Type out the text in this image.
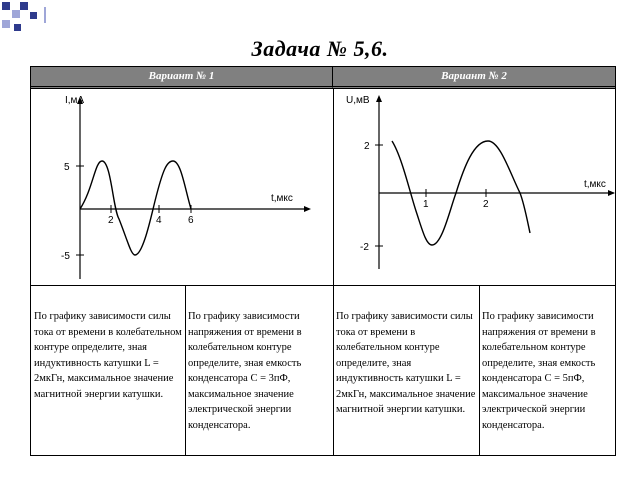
Задача № 5,6.
Вариант № 1	Вариант № 2
I,мА
t,мкс
5
-5
2	4	6
U,мВ
t,мкс
2
-2
1	2
По графику зависимости силы тока от времени в колебательном контуре определите, зная индуктивность катушки L = 2мкГн, максимальное значение магнитной энергии катушки.
По графику зависимости напряжения от времени в колебательном контуре определите, зная емкость конденсатора С = 3пФ, максимальное значение электрической энергии конденсатора.
По графику зависимости силы тока от времени в колебательном контуре определите, зная индуктивность катушки L = 2мкГн, максимальное значение магнитной энергии катушки.
По графику зависимости напряжения от времени в колебательном контуре определите, зная емкость конденсатора С = 5пФ, максимальное значение электрической энергии конденсатора.
